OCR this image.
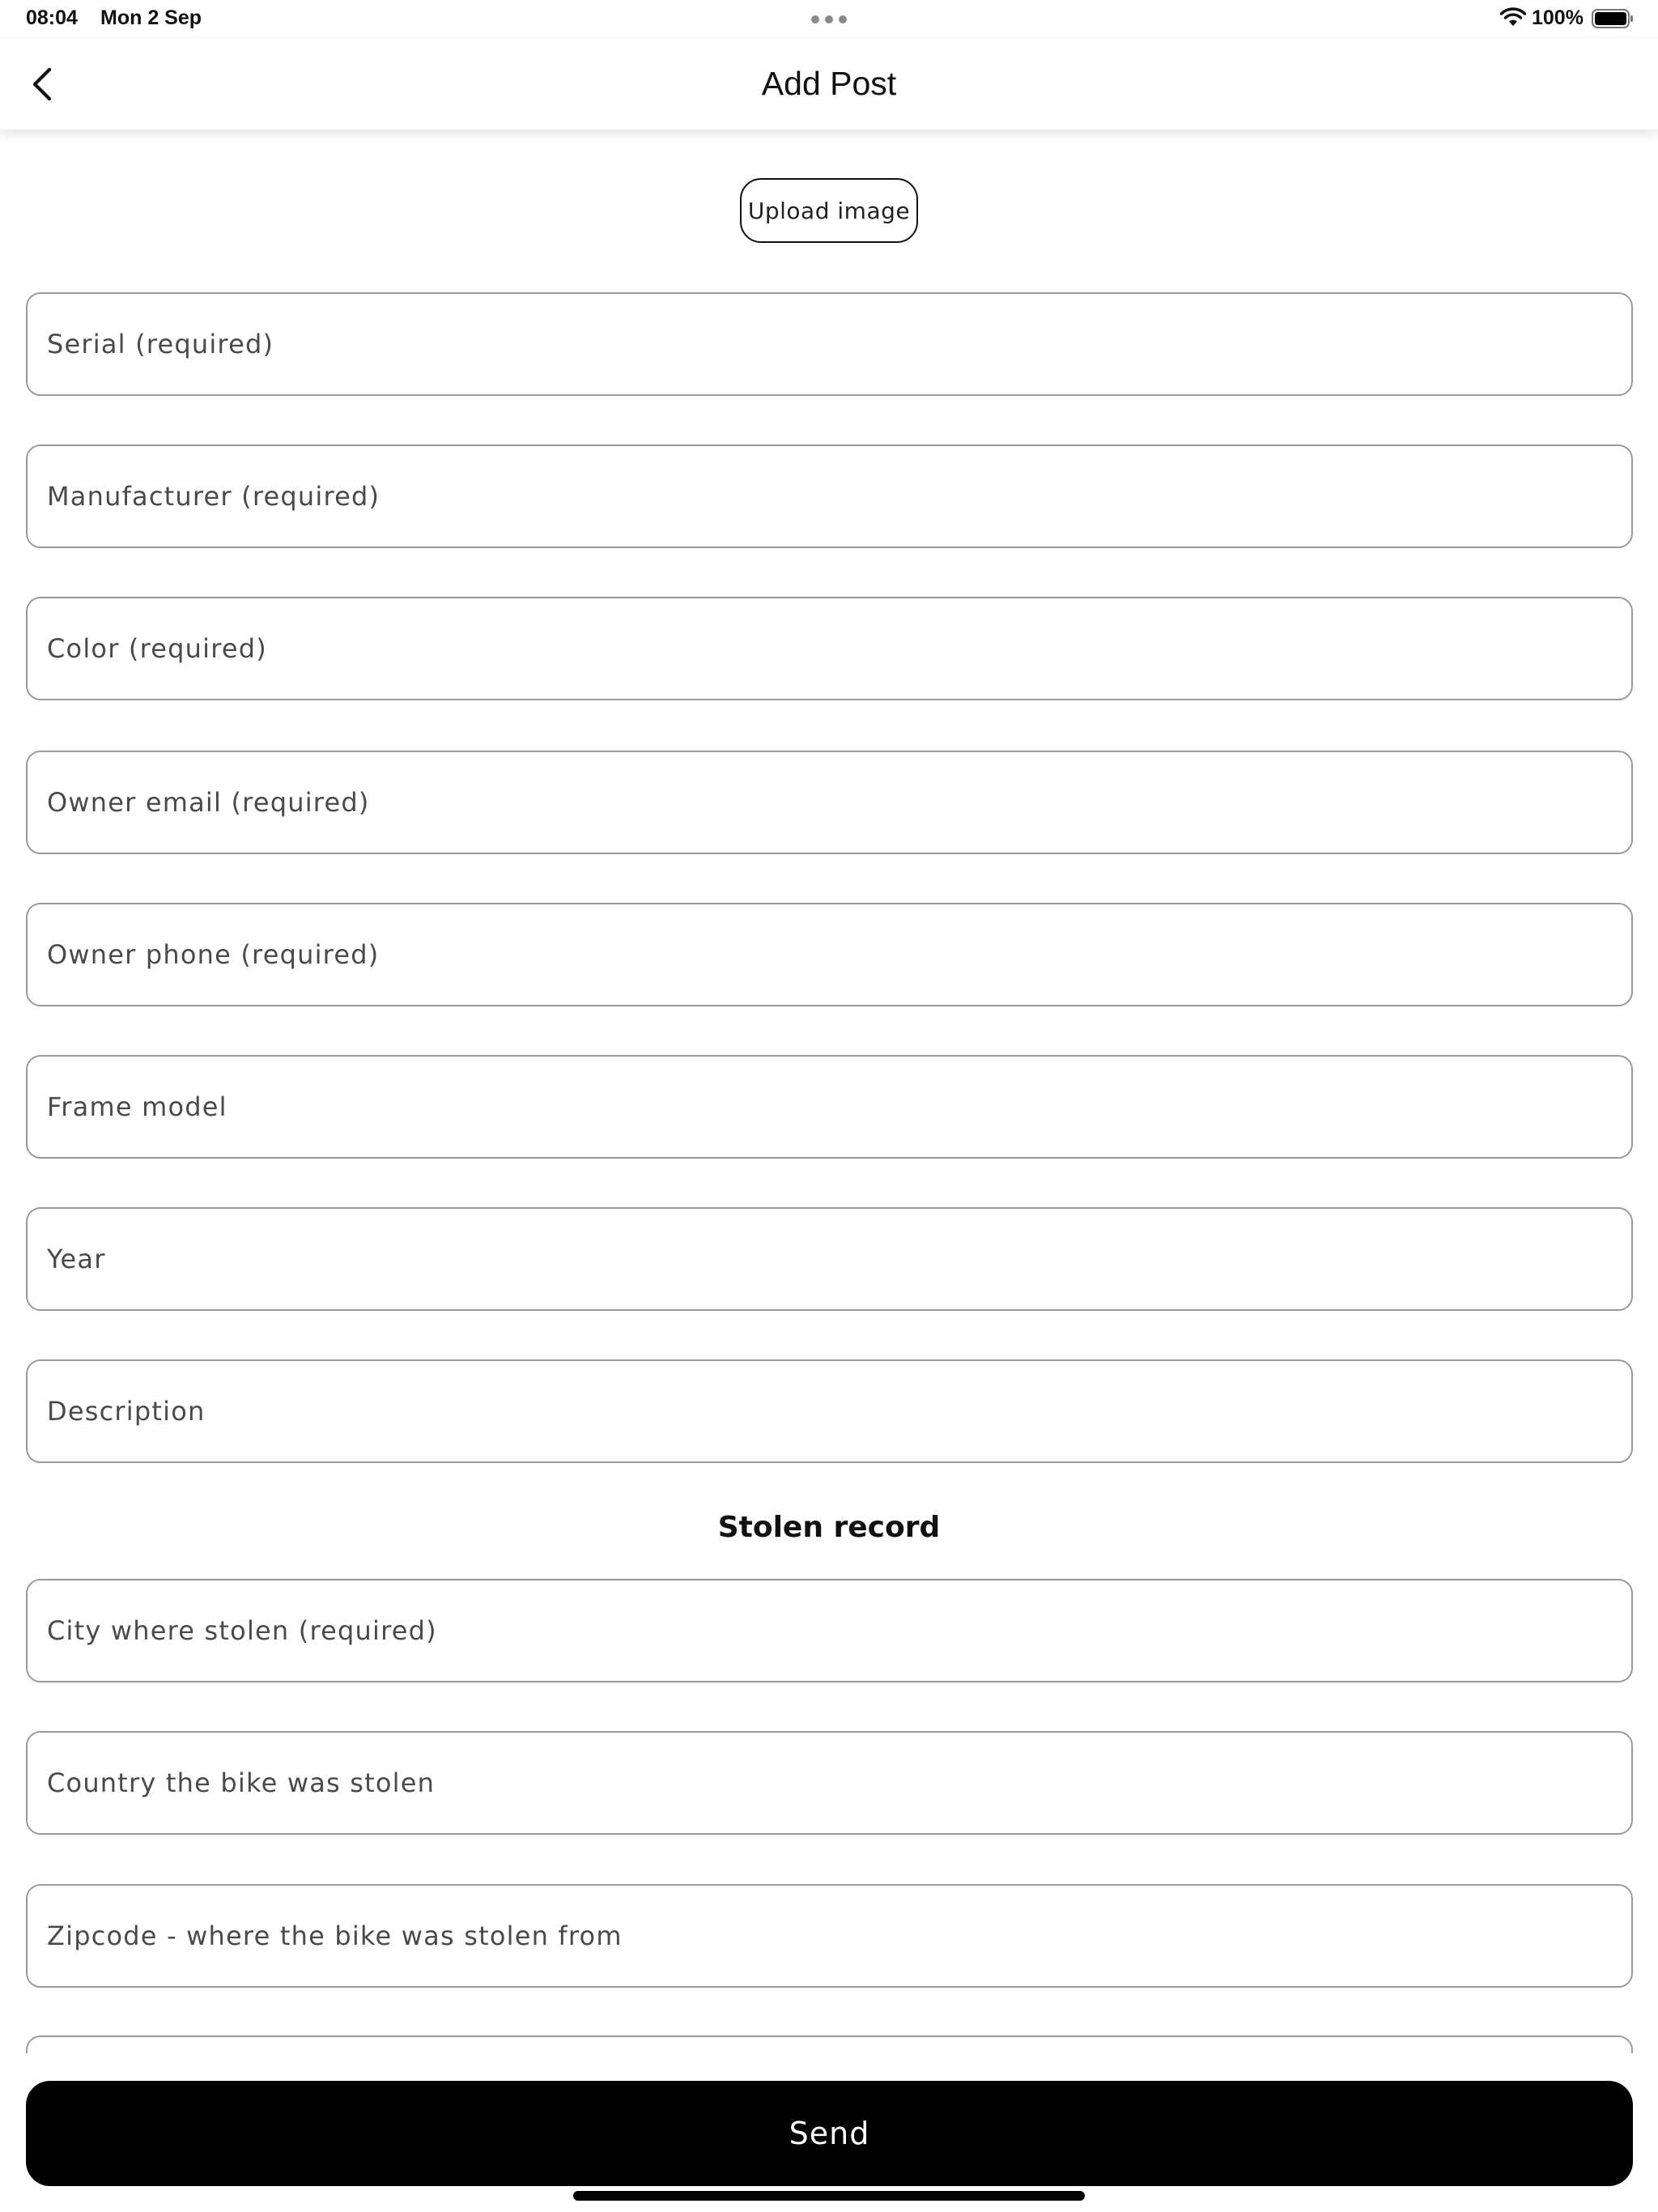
08:04 Mon 2 Sep	100%
Add Post
Upload image
Serial (required)
Manufacturer (required)
Color (required)
Owner email (required)
Owner phone (required)
Frame model
Year
Description
Stolen record
City where stolen (required)
Country the bike was stolen
Zipcode - where the bike was stolen from
Send
